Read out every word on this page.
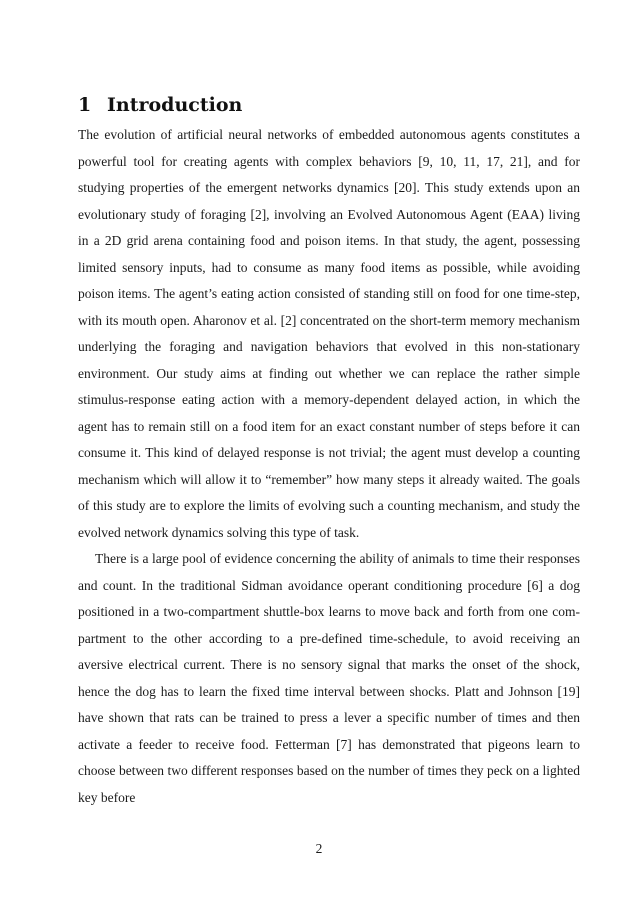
1 Introduction

The evolution of artificial neural networks of embedded autonomous agents constitutes a powerful tool for creating agents with complex behaviors [9, 10, 11, 17, 21], and for studying properties of the emergent networks dynamics [20]. This study extends upon an evolutionary study of foraging [2], involving an Evolved Autonomous Agent (EAA) living in a 2D grid arena containing food and poison items. In that study, the agent, possessing limited sensory inputs, had to consume as many food items as possible, while avoiding poison items. The agent’s eating action consisted of standing still on food for one time-step, with its mouth open. Aharonov et al. [2] concentrated on the short-term memory mechanism underlying the foraging and navigation behaviors that evolved in this non-stationary environment. Our study aims at finding out whether we can replace the rather simple stimulus-response eating action with a memory-dependent delayed action, in which the agent has to remain still on a food item for an exact constant number of steps before it can consume it. This kind of delayed response is not trivial; the agent must develop a counting mechanism which will allow it to “remember” how many steps it already waited. The goals of this study are to explore the limits of evolving such a counting mechanism, and study the evolved network dynamics solving this type of task.

There is a large pool of evidence concerning the ability of animals to time their responses and count. In the traditional Sidman avoidance operant conditioning procedure [6] a dog positioned in a two-compartment shuttle-box learns to move back and forth from one compartment to the other according to a pre-defined time-schedule, to avoid receiving an aversive electrical current. There is no sensory signal that marks the onset of the shock, hence the dog has to learn the fixed time interval between shocks. Platt and Johnson [19] have shown that rats can be trained to press a lever a specific number of times and then activate a feeder to receive food. Fetterman [7] has demonstrated that pigeons learn to choose between two different responses based on the number of times they peck on a lighted key before

2
